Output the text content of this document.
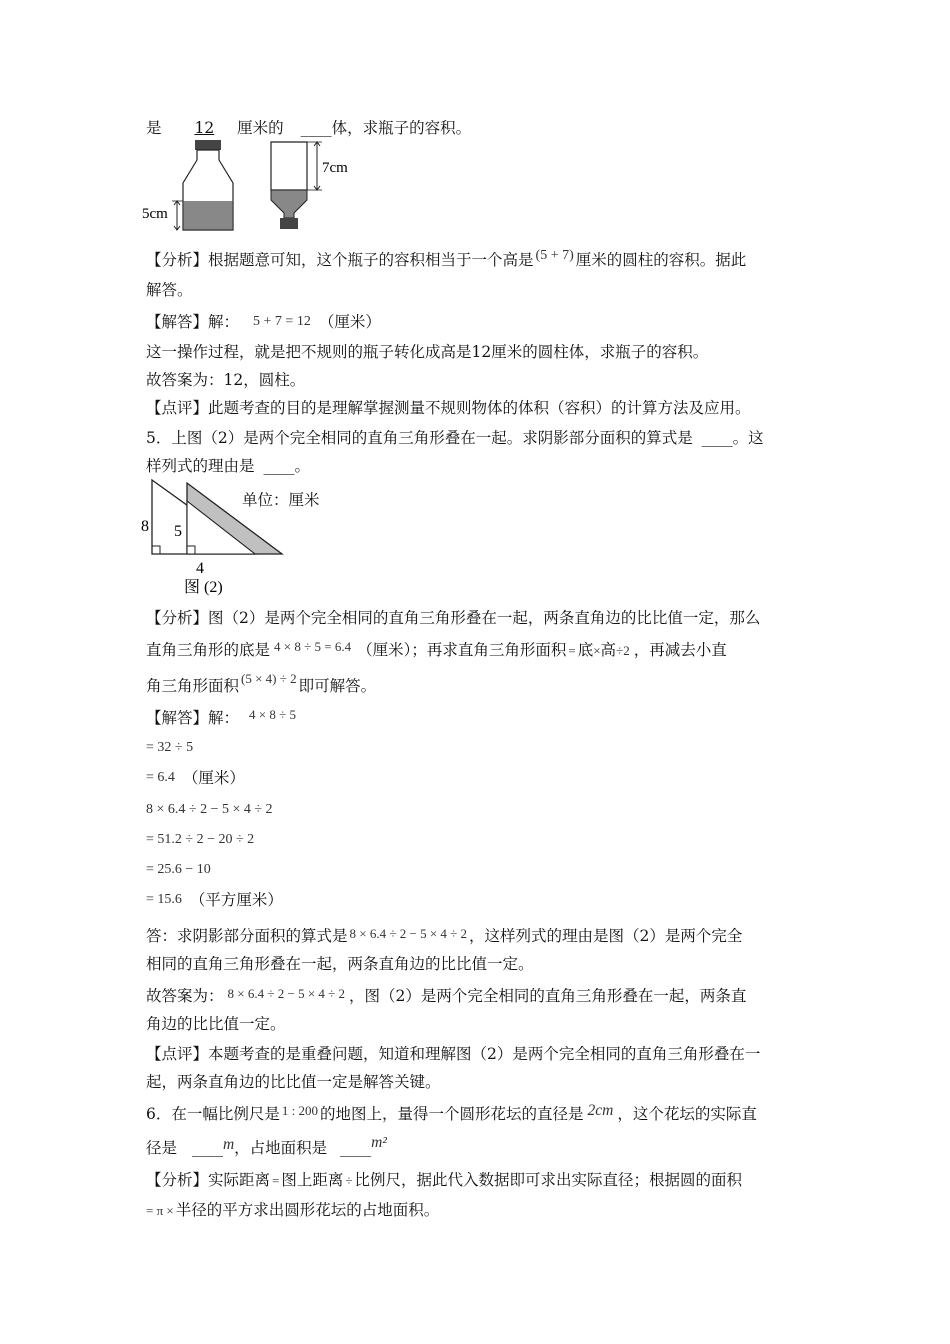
是 12 厘米的 ____体，求瓶子的容积。
5cm
7cm
【分析】根据题意可知，这个瓶子的容积相当于一个高是 (5 + 7) 厘米的圆柱的容积。据此
解答。
【解答】解： 5 + 7 = 12 （厘米）
这一操作过程，就是把不规则的瓶子转化成高是12厘米的圆柱体，求瓶子的容积。
故答案为：12，圆柱。
【点评】此题考查的目的是理解掌握测量不规则物体的体积（容积）的计算方法及应用。
5．上图（2）是两个完全相同的直角三角形叠在一起。求阴影部分面积的算式是 ____。这
样列式的理由是 ____。
8 5
4
图 (2)
单位：厘米
【分析】图（2）是两个完全相同的直角三角形叠在一起，两条直角边的比比值一定，那么
直角三角形的底是 $^{4 \times 8 \div 5 = 6.4}$ （厘米）；再求直角三角形面积 = 底×高÷2 ，再减去小直
角三角形面积 $^{(5 \times 4) \div 2}$ 即可解答。
【解答】解： $^{4 \times 8 \div 5}$
= 32 ÷ 5
= 6.4 （厘米）
8 × 6.4 ÷ 2 − 5 × 4 ÷ 2
= 51.2 ÷ 2 − 20 ÷ 2
= 25.6 − 10
= 15.6 （平方厘米）
答：求阴影部分面积的算式是 8 × 6.4 ÷ 2 − 5 × 4 ÷ 2 ，这样列式的理由是图（2）是两个完全
相同的直角三角形叠在一起，两条直角边的比比值一定。
故答案为： 8 × 6.4 ÷ 2 − 5 × 4 ÷ 2 ，图（2）是两个完全相同的直角三角形叠在一起，两条直
角边的比比值一定。
【点评】本题考查的是重叠问题，知道和理解图（2）是两个完全相同的直角三角形叠在一
起，两条直角边的比比值一定是解答关键。
6．在一幅比例尺是 $^{1 : 200}$ 的地图上，量得一个圆形花坛的直径是 2cm ，这个花坛的实际直
径是 ____m，占地面积是 ____m²
【分析】实际距离 = 图上距离 ÷ 比例尺，据此代入数据即可求出实际直径；根据圆的面积
= π × 半径的平方求出圆形花坛的占地面积。
